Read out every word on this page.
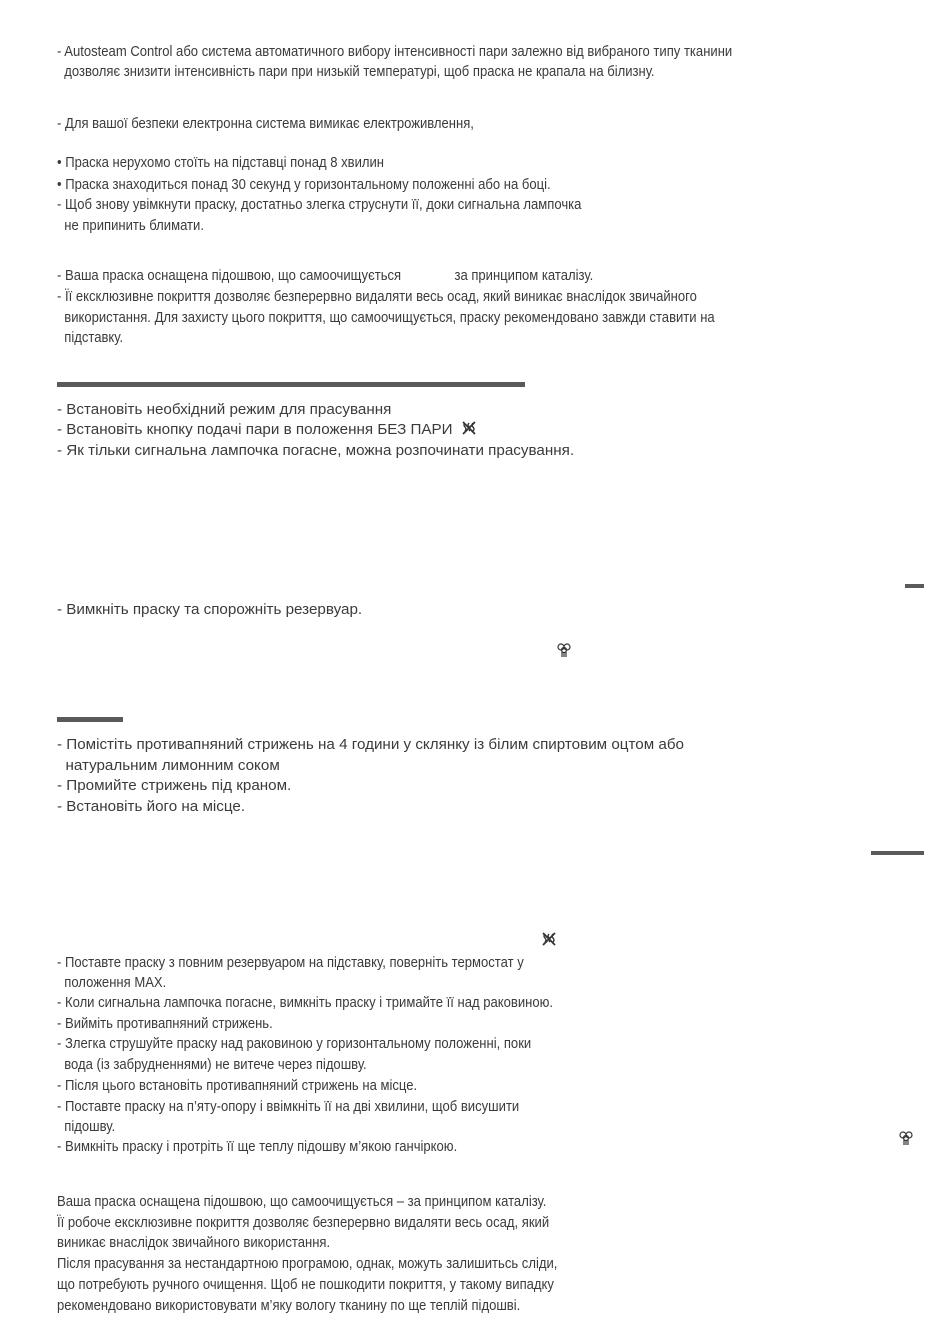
- Autosteam Control або система автоматичного вибору інтенсивності пари залежно від вибраного типу тканини
дозволяє знизити інтенсивність пари при низькій температурі, щоб праска не крапала на білизну.
- Для вашої безпеки електронна система вимикає електроживлення,
• Праска нерухомо стоїть на підставці понад 8 хвилин
• Праска знаходиться понад 30 секунд у горизонтальному положенні або на боці.
- Щоб знову увімкнути праску, достатньо злегка струснути її, доки сигнальна лампочка
не припинить блимати.
- Ваша праска оснащена підошвою, що самоочищується	за принципом каталізу.
- Її ексклюзивне покриття дозволяє безперервно видаляти весь осад, який виникає внаслідок звичайного
використання. Для захисту цього покриття, що самоочищується, праску рекомендовано завжди ставити на
підставку.
- Встановіть необхідний режим для прасування
- Встановіть кнопку подачі пари в положення БЕЗ ПАРИ
- Як тільки сигнальна лампочка погасне, можна розпочинати прасування.
- Вимкніть праску та спорожніть резервуар.
- Помістіть противапняний стрижень на 4 години у склянку із білим спиртовим оцтом або
натуральним лимонним соком
- Промийте стрижень під краном.
- Встановіть його на місце.
- Поставте праску з повним резервуаром на підставку, поверніть термостат у
положення MAX.
- Коли сигнальна лампочка погасне, вимкніть праску і тримайте її над раковиною.
- Вийміть противапняний стрижень.
- Злегка струшуйте праску над раковиною у горизонтальному положенні, поки
вода (із забрудненнями) не витече через підошву.
- Після цього встановіть противапняний стрижень на місце.
- Поставте праску на п’яту-опору і ввімкніть її на дві хвилини, щоб висушити
підошву.
- Вимкніть праску і протріть її ще теплу підошву м’якою ганчіркою.
Ваша праска оснащена підошвою, що самоочищується – за принципом каталізу.
Її робоче ексклюзивне покриття дозволяє безперервно видаляти весь осад, який
виникає внаслідок звичайного використання.
Після прасування за нестандартною програмою, однак, можуть залишитьсь сліди,
що потребують ручного очищення. Щоб не пошкодити покриття, у такому випадку
рекомендовано використовувати м’яку вологу тканину по ще теплій підошві.
